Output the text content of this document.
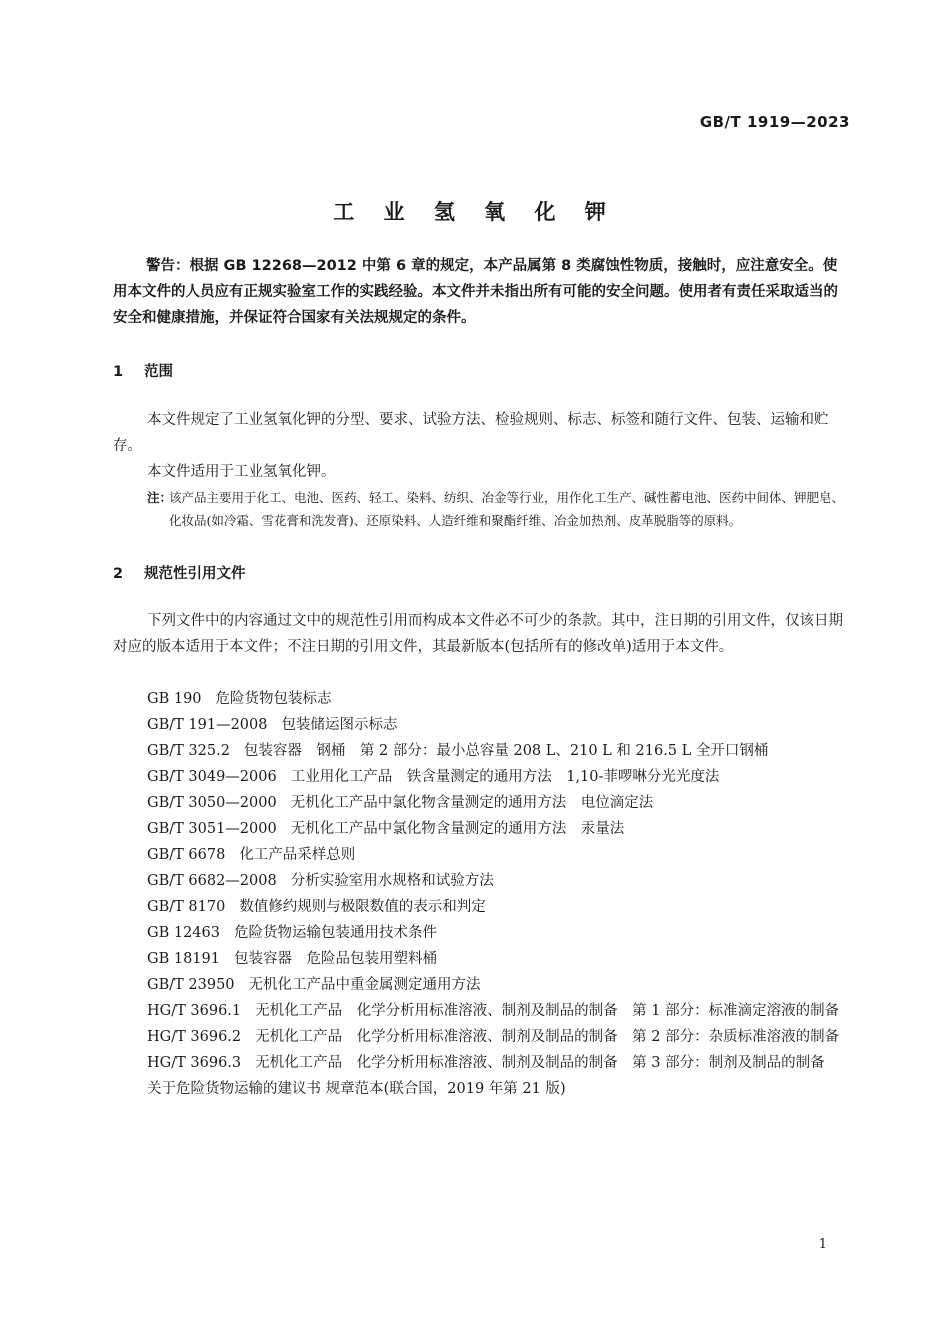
GB/T 1919—2023
工 业 氢 氧 化 钾

警告：根据 GB 12268—2012 中第 6 章的规定，本产品属第 8 类腐蚀性物质，接触时，应注意安全。使用本文件的人员应有正规实验室工作的实践经验。本文件并未指出所有可能的安全问题。使用者有责任采取适当的安全和健康措施，并保证符合国家有关法规规定的条件。

1 范围

本文件规定了工业氢氧化钾的分型、要求、试验方法、检验规则、标志、标签和随行文件、包装、运输和贮存。

本文件适用于工业氢氧化钾。

注：
该产品主要用于化工、电池、医药、轻工、染料、纺织、冶金等行业，用作化工生产、碱性蓄电池、医药中间体、钾肥皂、化妆品(如冷霜、雪花膏和洗发膏)、还原染料、人造纤维和聚酯纤维、冶金加热剂、皮革脱脂等的原料。
2 规范性引用文件

下列文件中的内容通过文中的规范性引用而构成本文件必不可少的条款。其中，注日期的引用文件，仅该日期对应的版本适用于本文件；不注日期的引用文件，其最新版本(包括所有的修改单)适用于本文件。

GB 190 危险货物包装标志
GB/T 191—2008 包装储运图示标志
GB/T 325.2 包装容器　钢桶　第 2 部分：最小总容量 208 L、210 L 和 216.5 L 全开口钢桶
GB/T 3049—2006 工业用化工产品　铁含量测定的通用方法　1,10-菲啰啉分光光度法
GB/T 3050—2000 无机化工产品中氯化物含量测定的通用方法　电位滴定法
GB/T 3051—2000 无机化工产品中氯化物含量测定的通用方法　汞量法
GB/T 6678 化工产品采样总则
GB/T 6682—2008 分析实验室用水规格和试验方法
GB/T 8170 数值修约规则与极限数值的表示和判定
GB 12463 危险货物运输包装通用技术条件
GB 18191 包装容器　危险品包装用塑料桶
GB/T 23950 无机化工产品中重金属测定通用方法
HG/T 3696.1 无机化工产品　化学分析用标准溶液、制剂及制品的制备　第 1 部分：标准滴定溶液的制备
HG/T 3696.2 无机化工产品　化学分析用标准溶液、制剂及制品的制备　第 2 部分：杂质标准溶液的制备
HG/T 3696.3 无机化工产品　化学分析用标准溶液、制剂及制品的制备　第 3 部分：制剂及制品的制备
关于危险货物运输的建议书 规章范本(联合国，2019 年第 21 版)
1
